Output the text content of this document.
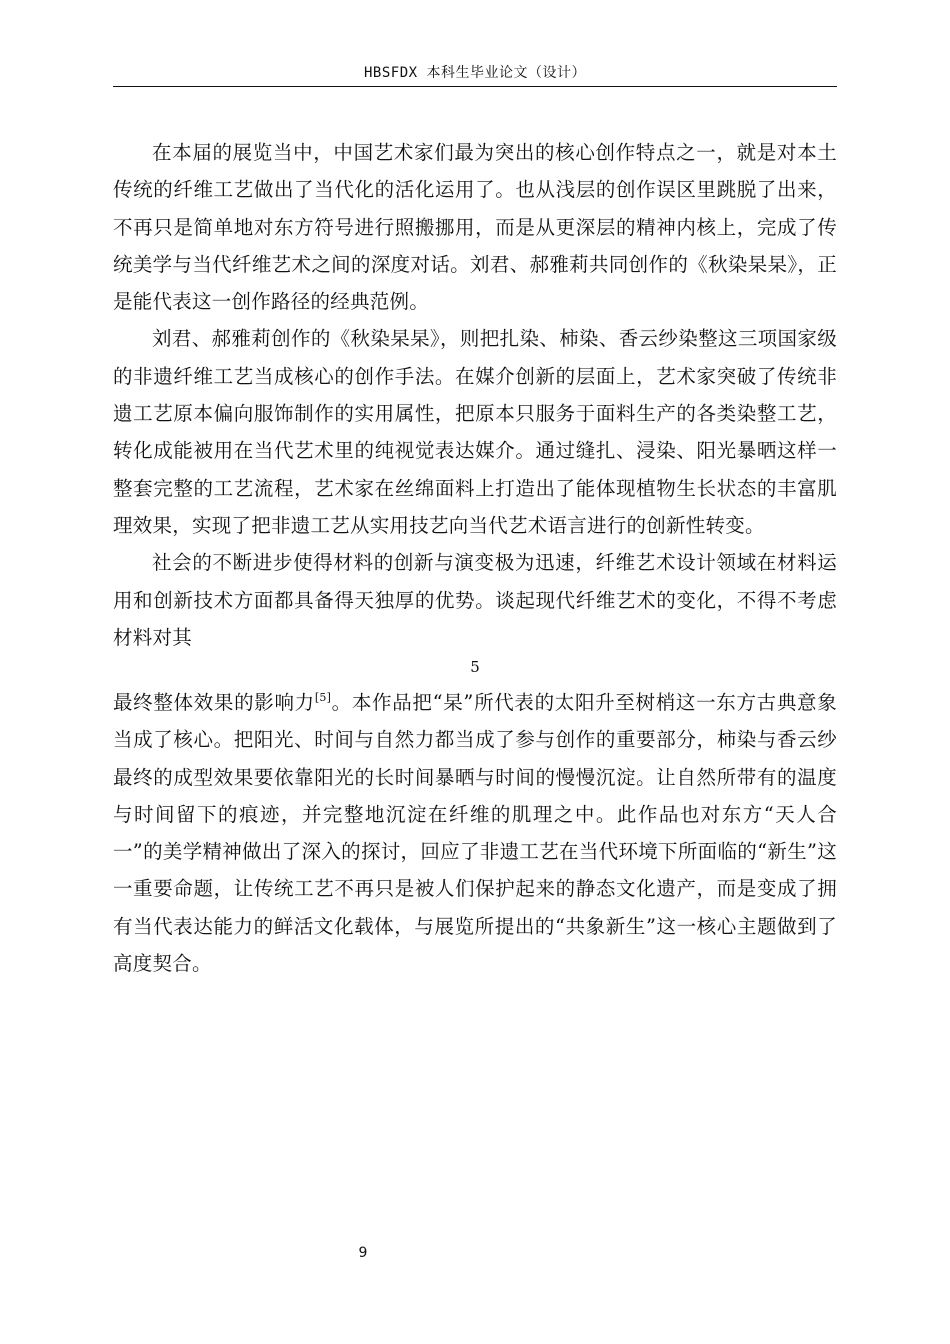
HBSFDX 本科生毕业论文（设计）

在本届的展览当中，中国艺术家们最为突出的核心创作特点之一，就是对本土传统的纤维工艺做出了当代化的活化运用了。也从浅层的创作误区里跳脱了出来，不再只是简单地对东方符号进行照搬挪用，而是从更深层的精神内核上，完成了传统美学与当代纤维艺术之间的深度对话。刘君、郝雅莉共同创作的《秋染杲杲》，正是能代表这一创作路径的经典范例。

刘君、郝雅莉创作的《秋染杲杲》，则把扎染、柿染、香云纱染整这三项国家级的非遗纤维工艺当成核心的创作手法。在媒介创新的层面上，艺术家突破了传统非遗工艺原本偏向服饰制作的实用属性，把原本只服务于面料生产的各类染整工艺，转化成能被用在当代艺术里的纯视觉表达媒介。通过缝扎、浸染、阳光暴晒这样一整套完整的工艺流程，艺术家在丝绵面料上打造出了能体现植物生长状态的丰富肌理效果，实现了把非遗工艺从实用技艺向当代艺术语言进行的创新性转变。

社会的不断进步使得材料的创新与演变极为迅速，纤维艺术设计领域在材料运用和创新技术方面都具备得天独厚的优势。谈起现代纤维艺术的变化，不得不考虑材料对其

5

最终整体效果的影响力[5]。本作品把“杲”所代表的太阳升至树梢这一东方古典意象当成了核心。把阳光、时间与自然力都当成了参与创作的重要部分，柿染与香云纱最终的成型效果要依靠阳光的长时间暴晒与时间的慢慢沉淀。让自然所带有的温度与时间留下的痕迹，并完整地沉淀在纤维的肌理之中。此作品也对东方“天人合一”的美学精神做出了深入的探讨，回应了非遗工艺在当代环境下所面临的“新生”这一重要命题，让传统工艺不再只是被人们保护起来的静态文化遗产，而是变成了拥有当代表达能力的鲜活文化载体，与展览所提出的“共象新生”这一核心主题做到了高度契合。

9
